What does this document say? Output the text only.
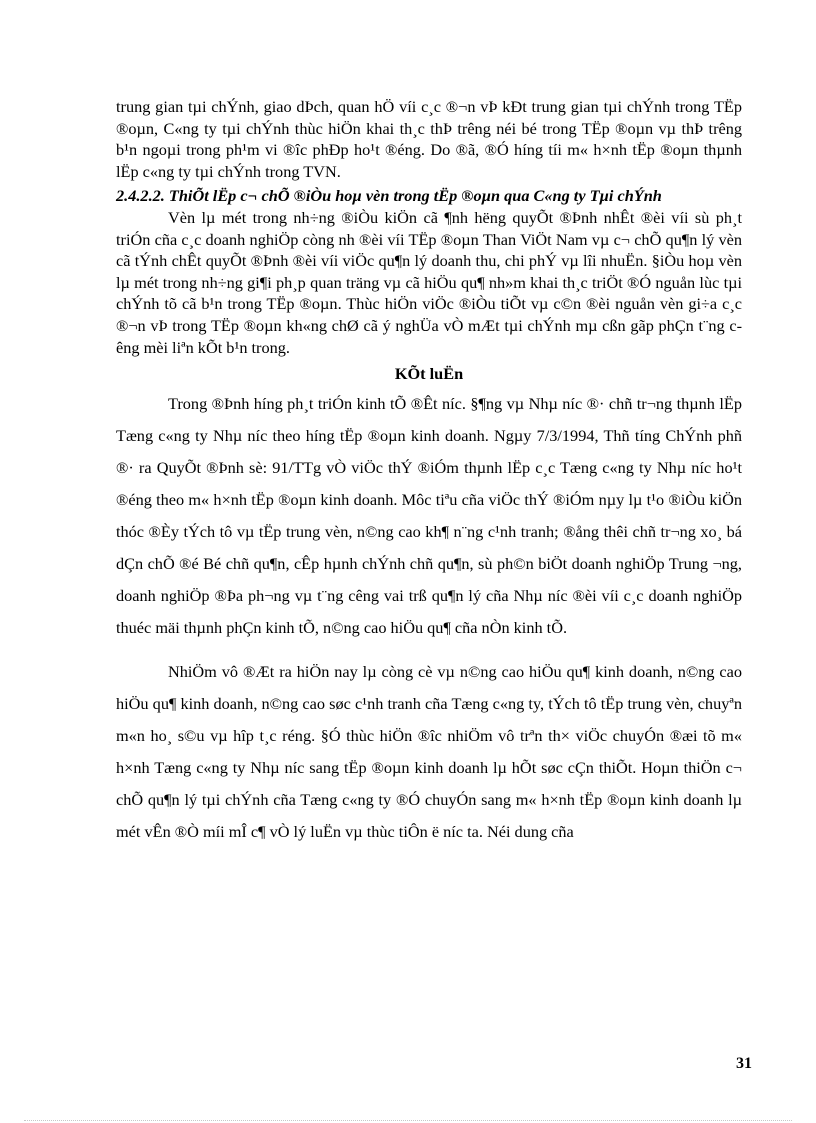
trung gian tµi chÝnh, giao dÞch, quan hÖ víi c¸c ®¬n vÞ kÐt trung gian tµi chÝnh trong TËp ®oµn, C«ng ty tµi chÝnh thùc hiÖn khai th¸c thÞ trêng néi bé trong TËp ®oµn vµ thÞ trêng b¹n ngoµi trong ph¹m vi ®îc phÐp ho¹t ®éng. Do ®ã, ®Ó híng tíi m« h×nh tËp ®oµn thµnh lËp c«ng ty tµi chÝnh trong TVN.

2.4.2.2. ThiÕt lËp c¬ chÕ ®iÒu hoµ vèn trong tËp ®oµn qua C«ng ty Tµi chÝnh

Vèn lµ mét trong nh÷ng ®iÒu kiÖn cã ¶nh hëng quyÕt ®Þnh nhÊt ®èi víi sù ph¸t triÓn cña c¸c doanh nghiÖp còng nh ®èi víi TËp ®oµn Than ViÖt Nam vµ c¬ chÕ qu¶n lý vèn cã tÝnh chÊt quyÕt ®Þnh ®èi víi viÖc qu¶n lý doanh thu, chi phÝ vµ lîi nhuËn. §iÒu hoµ vèn lµ mét trong nh÷ng gi¶i ph¸p quan träng vµ cã hiÖu qu¶ nh»m khai th¸c triÖt ®Ó nguån lùc tµi chÝnh tõ cã b¹n trong TËp ®oµn. Thùc hiÖn viÖc ®iÒu tiÕt vµ c©n ®èi nguån vèn gi÷a c¸c ®¬n vÞ trong TËp ®oµn kh«ng chØ cã ý nghÜa vÒ mÆt tµi chÝnh mµ cßn gãp phÇn t¨ng cêng mèi liªn kÕt b¹n trong.

KÕt luËn

Trong ®Þnh híng ph¸t triÓn kinh tÕ ®Êt níc. §¶ng vµ Nhµ níc ®· chñ tr¬ng thµnh lËp Tæng c«ng ty Nhµ níc theo híng tËp ®oµn kinh doanh. Ngµy 7/3/1994, Thñ tíng ChÝnh phñ ®· ra QuyÕt ®Þnh sè: 91/TTg vÒ viÖc thÝ ®iÓm thµnh lËp c¸c Tæng c«ng ty Nhµ níc ho¹t ®éng theo m« h×nh tËp ®oµn kinh doanh. Môc tiªu cña viÖc thÝ ®iÓm nµy lµ t¹o ®iÒu kiÖn thóc ®Èy tÝch tô vµ tËp trung vèn, n©ng cao kh¶ n¨ng c¹nh tranh; ®ång thêi chñ tr¬ng xo¸ bá dÇn chÕ ®é Bé chñ qu¶n, cÊp hµnh chÝnh chñ qu¶n, sù ph©n biÖt doanh nghiÖp Trung ¬ng, doanh nghiÖp ®Þa ph¬ng vµ t¨ng cêng vai trß qu¶n lý cña Nhµ níc ®èi víi c¸c doanh nghiÖp thuéc mäi thµnh phÇn kinh tÕ, n©ng cao hiÖu qu¶ cña nÒn kinh tÕ.

NhiÖm vô ®Æt ra hiÖn nay lµ còng cè vµ n©ng cao hiÖu qu¶ kinh doanh, n©ng cao hiÖu qu¶ kinh doanh, n©ng cao søc c¹nh tranh cña Tæng c«ng ty, tÝch tô tËp trung vèn, chuyªn m«n ho¸ s©u vµ hîp t¸c réng. §Ó thùc hiÖn ®îc nhiÖm vô trªn th× viÖc chuyÓn ®æi tõ m« h×nh Tæng c«ng ty Nhµ níc sang tËp ®oµn kinh doanh lµ hÕt søc cÇn thiÕt. Hoµn thiÖn c¬ chÕ qu¶n lý tµi chÝnh cña Tæng c«ng ty ®Ó chuyÓn sang m« h×nh tËp ®oµn kinh doanh lµ mét vÊn ®Ò míi mÎ c¶ vÒ lý luËn vµ thùc tiÔn ë níc ta. Néi dung cña

31
